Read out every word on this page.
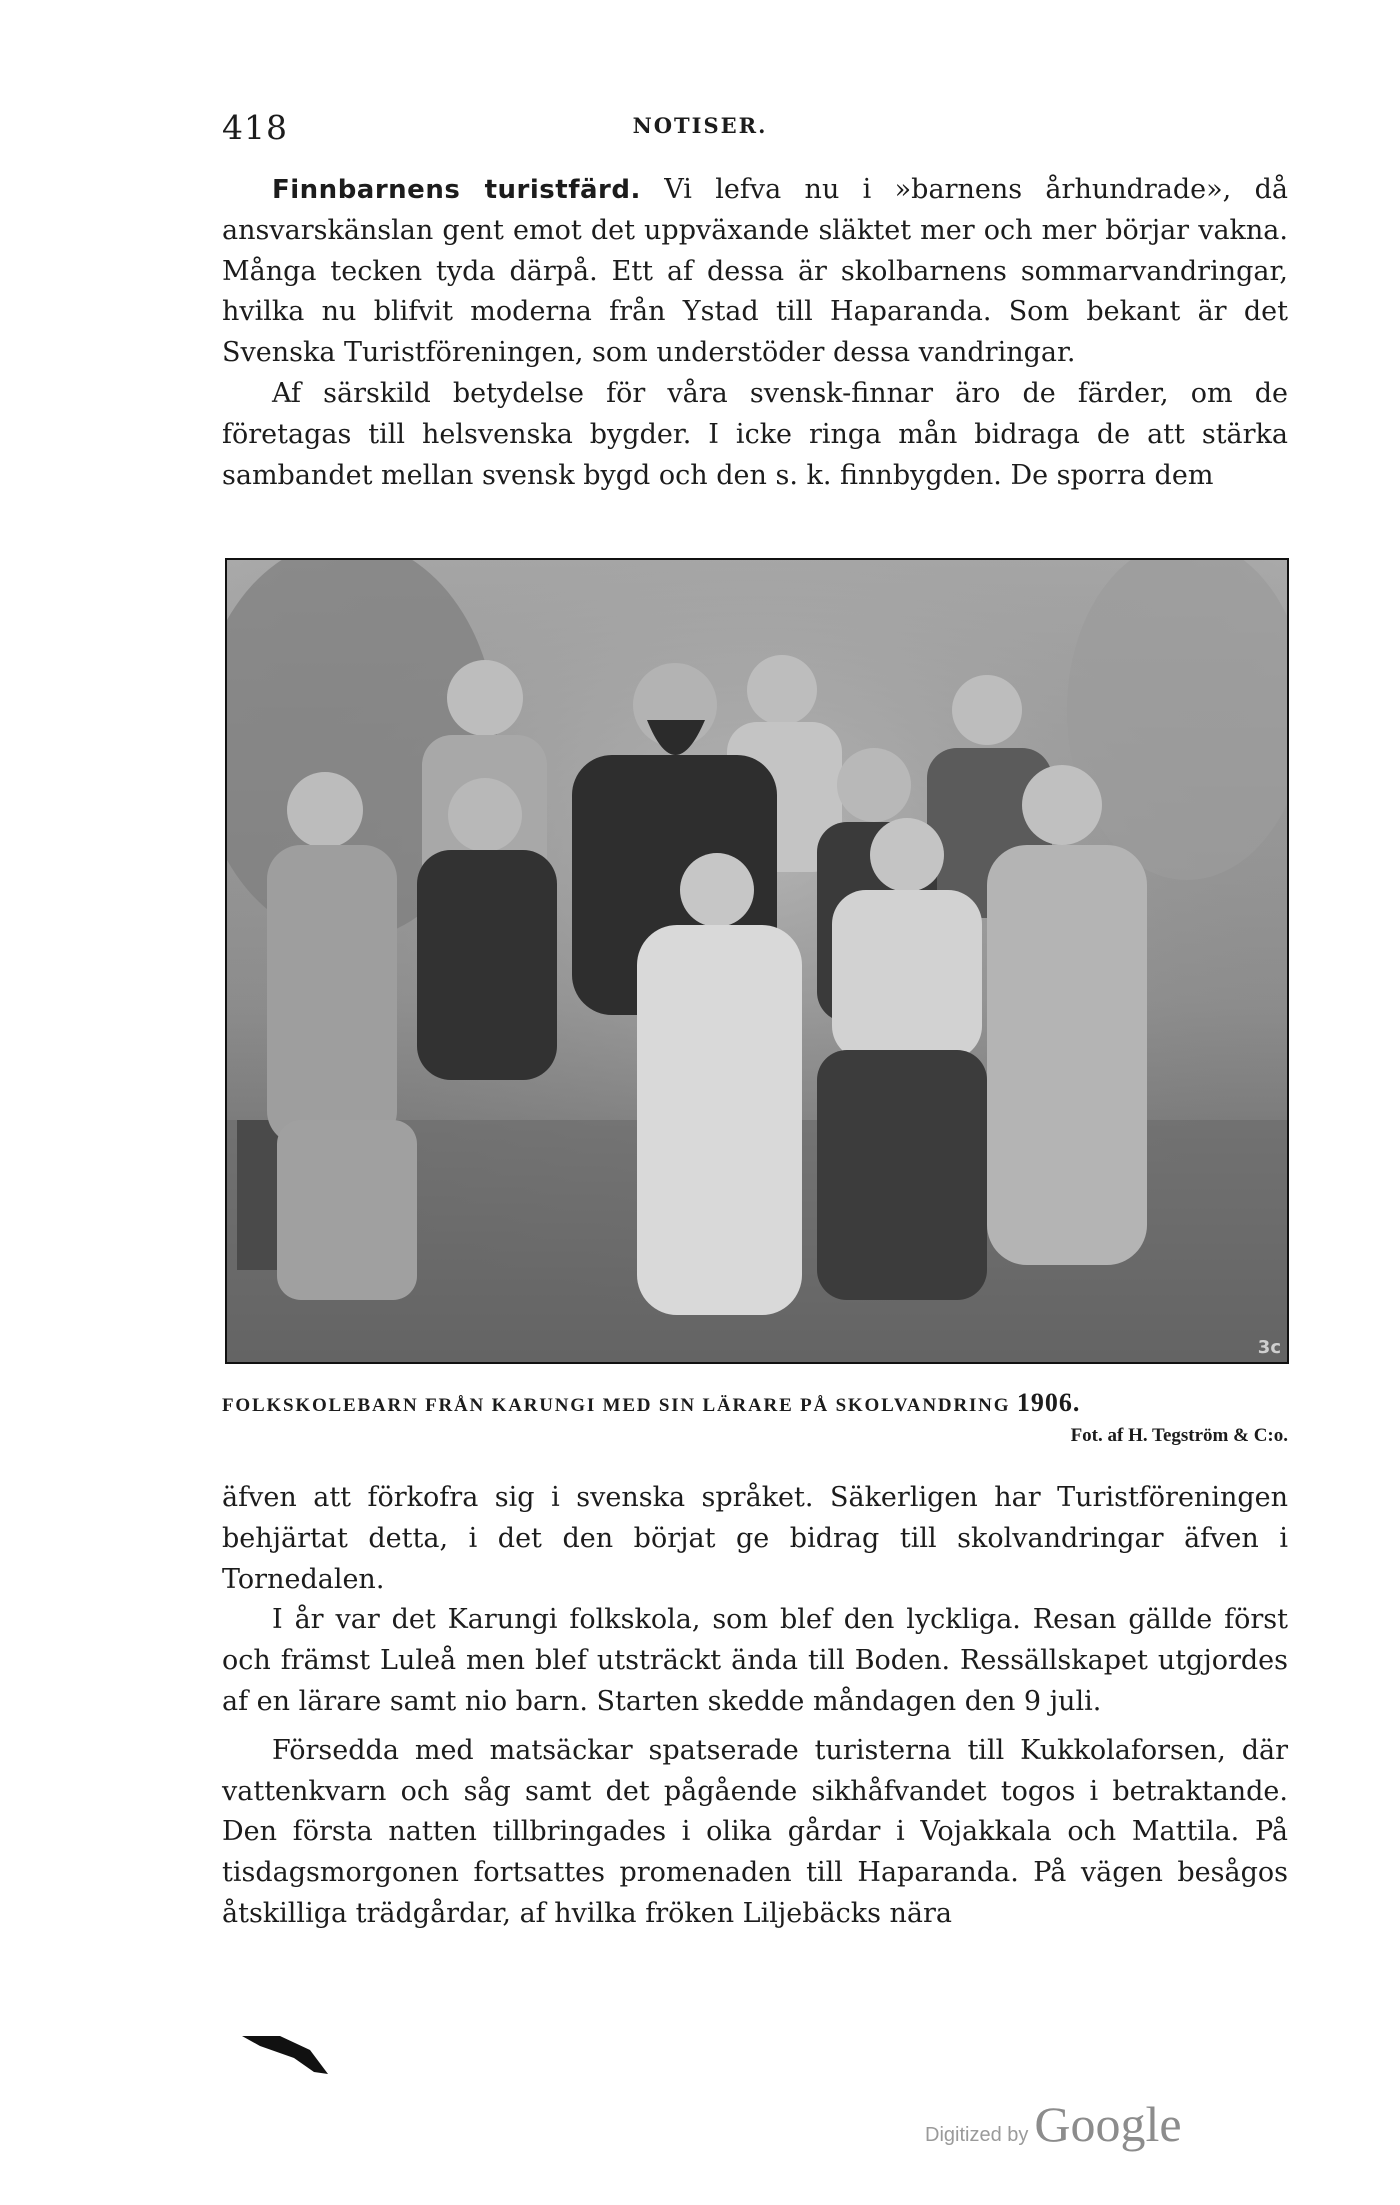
418	NOTISER.

Finnbarnens turistfärd. Vi lefva nu i »barnens århundrade», då ansvarskänslan gent emot det uppväxande släktet mer och mer börjar vakna. Många tecken tyda därpå. Ett af dessa är skolbarnens sommarvandringar, hvilka nu blifvit moderna från Ystad till Haparanda. Som bekant är det Svenska Turistföreningen, som understöder dessa vandringar.

Af särskild betydelse för våra svensk-finnar äro de färder, om de företagas till helsvenska bygder. I icke ringa mån bidraga de att stärka sambandet mellan svensk bygd och den s. k. finnbygden. De sporra dem

3c
FOLKSKOLEBARN FRÅN KARUNGI MED SIN LÄRARE PÅ SKOLVANDRING 1906.
Fot. af H. Tegström & C:o.

äfven att förkofra sig i svenska språket. Säkerligen har Turistföreningen behjärtat detta, i det den börjat ge bidrag till skolvandringar äfven i Tornedalen.

I år var det Karungi folkskola, som blef den lyckliga. Resan gällde först och främst Luleå men blef utsträckt ända till Boden. Ressällskapet utgjordes af en lärare samt nio barn. Starten skedde måndagen den 9 juli.

Försedda med matsäckar spatserade turisterna till Kukkolaforsen, där vattenkvarn och såg samt det pågående sikhåfvandet togos i betraktande. Den första natten tillbringades i olika gårdar i Vojakkala och Mattila. På tisdagsmorgonen fortsattes promenaden till Haparanda. På vägen besågos åtskilliga trädgårdar, af hvilka fröken Liljebäcks nära

Digitized by Google
